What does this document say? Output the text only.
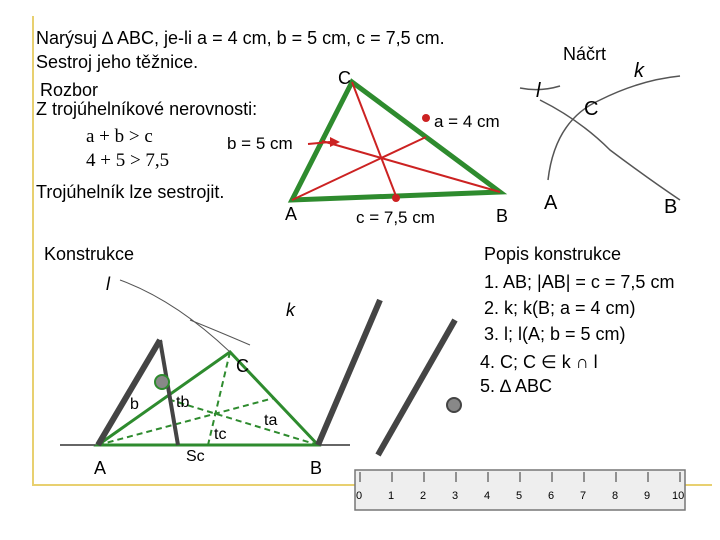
Narýsuj ∆ ABC, je-li a = 4 cm, b = 5 cm, c = 7,5 cm.
Sestroj jeho těžnice.
Rozbor
Z trojúhelníkové nerovnosti:
a + b > c
4 + 5 > 7,5
Trojúhelník lze sestrojit.
Náčrt
A	B
C
a = 4 cm
b = 5 cm
c = 7,5 cm
A	B
C
k
l
Konstrukce
l
k
b tb
tc
ta
Sc
A	B
C
Popis konstrukce
1. AB; |AB| = c = 7,5 cm
2. k; k(B; a = 4 cm)
3. l; l(A; b = 5 cm)
4. C; C ∈ k ∩ l
5. ∆ ABC
0 1 2 3 4 5 6 7 8 9 10
